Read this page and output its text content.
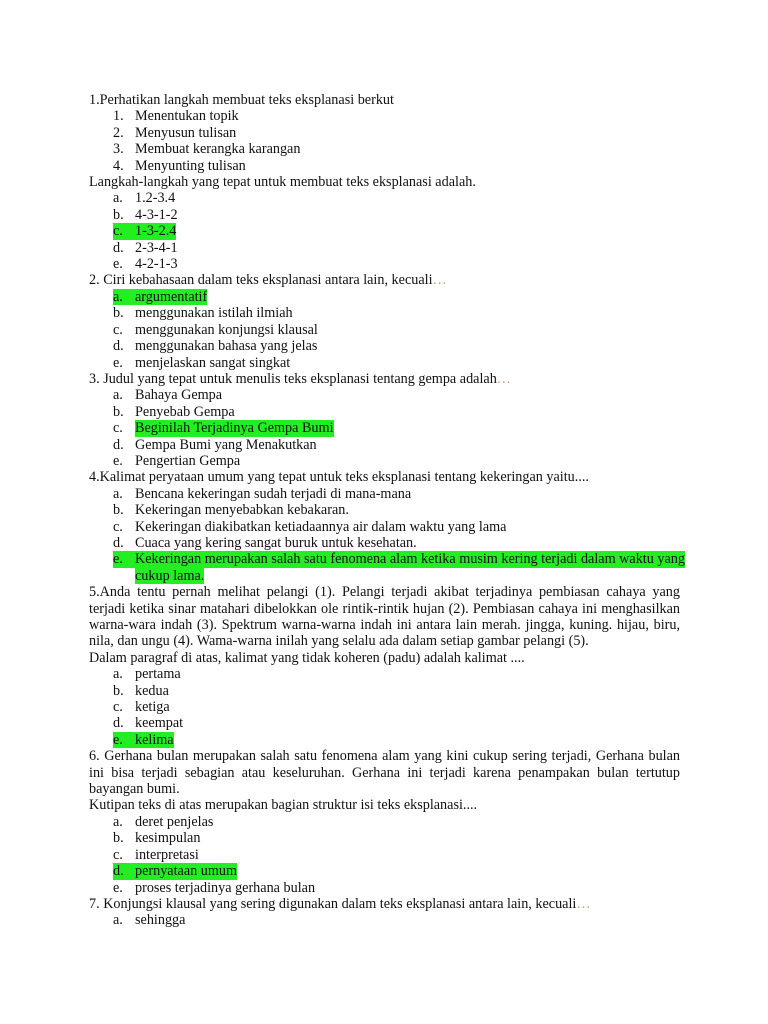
1.Perhatikan langkah membuat teks eksplanasi berkut
1. Menentukan topik
2. Menyusun tulisan
3. Membuat kerangka karangan
4. Menyunting tulisan
Langkah-langkah yang tepat untuk membuat teks eksplanasi adalah.
a. 1.2-3.4
b. 4-3-1-2
c. 1-3-2.4
d. 2-3-4-1
e. 4-2-1-3
2. Ciri kebahasaan dalam teks eksplanasi antara lain, kecuali…
a. argumentatif
b. menggunakan istilah ilmiah
c. menggunakan konjungsi klausal
d. menggunakan bahasa yang jelas
e. menjelaskan sangat singkat
3. Judul yang tepat untuk menulis teks eksplanasi tentang gempa adalah…
a. Bahaya Gempa
b. Penyebab Gempa
c. Beginilah Terjadinya Gempa Bumi
d. Gempa Bumi yang Menakutkan
e. Pengertian Gempa
4.Kalimat peryataan umum yang tepat untuk teks eksplanasi tentang kekeringan yaitu....
a. Bencana kekeringan sudah terjadi di mana-mana
b. Kekeringan menyebabkan kebakaran.
c. Kekeringan diakibatkan ketiadaannya air dalam waktu yang lama
d. Cuaca yang kering sangat buruk untuk kesehatan.
e. Kekeringan merupakan salah satu fenomena alam ketika musim kering terjadi dalam waktu yang
cukup lama.
5.Anda tentu pernah melihat pelangi (1). Pelangi terjadi akibat terjadinya pembiasan cahaya yang terjadi ketika sinar matahari dibelokkan ole rintik-rintik hujan (2). Pembiasan cahaya ini menghasilkan warna-wara indah (3). Spektrum warna-warna indah ini antara lain merah. jingga, kuning. hijau, biru, nila, dan ungu (4). Wama-warna inilah yang selalu ada dalam setiap gambar pelangi (5).
Dalam paragraf di atas, kalimat yang tidak koheren (padu) adalah kalimat ....
a. pertama
b. kedua
c. ketiga
d. keempat
e. kelima
6. Gerhana bulan merupakan salah satu fenomena alam yang kini cukup sering terjadi, Gerhana bulan ini bisa terjadi sebagian atau keseluruhan. Gerhana ini terjadi karena penampakan bulan tertutup bayangan bumi.
Kutipan teks di atas merupakan bagian struktur isi teks eksplanasi....
a. deret penjelas
b. kesimpulan
c. interpretasi
d. pernyataan umum
e. proses terjadinya gerhana bulan
7. Konjungsi klausal yang sering digunakan dalam teks eksplanasi antara lain, kecuali…
a. sehingga
